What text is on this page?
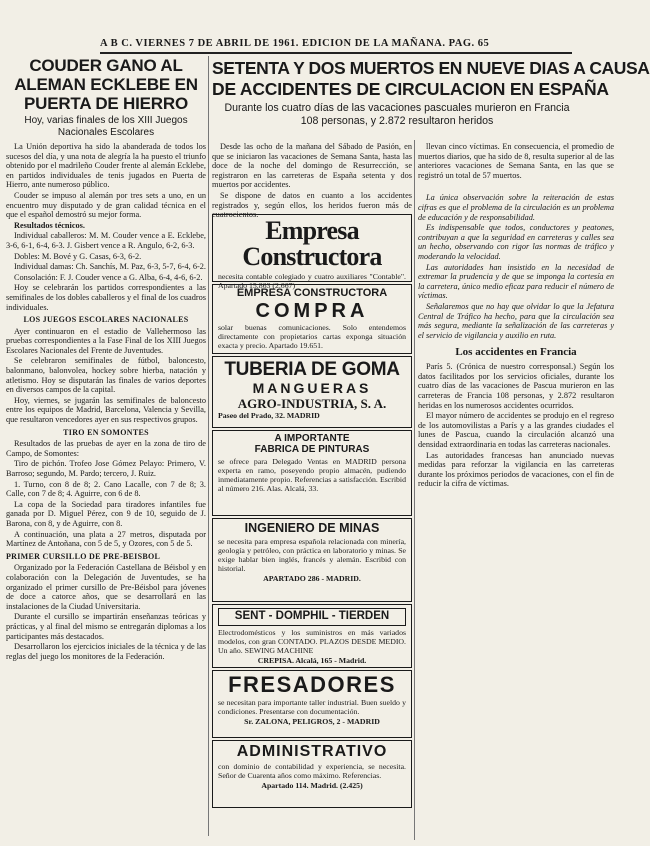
A B C. VIERNES 7 DE ABRIL DE 1961. EDICION DE LA MAÑANA. PAG. 65
COUDER GANO AL ALEMAN ECKLEBE EN PUERTA DE HIERRO
Hoy, varias finales de los XIII Juegos Nacionales Escolares

La Unión deportiva ha sido la abanderada de todos los sucesos del día, y una nota de alegría la ha puesto el triunfo obtenido por el madrileño Couder frente al alemán Ecklebe, en partidos individuales de tenis jugados en Puerta de Hierro, ante numeroso público.

Couder se impuso al alemán por tres sets a uno, en un encuentro muy disputado y de gran calidad técnica en el que el español demostró su mejor forma.

Resultados técnicos.

Individual caballeros: M. M. Couder vence a E. Ecklebe, 3-6, 6-1, 6-4, 6-3. J. Gisbert vence a R. Angulo, 6-2, 6-3.

Dobles: M. Bové y G. Casas, 6-3, 6-2.

Individual damas: Ch. Sanchís, M. Paz, 6-3, 5-7, 6-4, 6-2.

Consolación: F. J. Couder vence a G. Alba, 6-4, 4-6, 6-2.

Hoy se celebrarán los partidos correspondientes a las semifinales de los dobles caballeros y el final de los cuadros individuales.

LOS JUEGOS ESCOLARES NACIONALES

Ayer continuaron en el estadio de Vallehermoso las pruebas correspondientes a la Fase Final de los XIII Juegos Escolares Nacionales del Frente de Juventudes.

Se celebraron semifinales de fútbol, baloncesto, balonmano, balonvolea, hockey sobre hierba, natación y atletismo. Hoy se disputarán las finales de varios deportes en diversos campos de la capital.

Hoy, viernes, se jugarán las semifinales de baloncesto entre los equipos de Madrid, Barcelona, Valencia y Sevilla, que resultaron vencedores ayer en sus respectivos grupos.

TIRO EN SOMONTES

Resultados de las pruebas de ayer en la zona de tiro de Campo, de Somontes:

Tiro de pichón. Trofeo Jose Gómez Pelayo: Primero, V. Barroso; segundo, M. Pardo; tercero, J. Ruiz.

1. Turno, con 8 de 8; 2. Cano Lacalle, con 7 de 8; 3. Calle, con 7 de 8; 4. Aguirre, con 6 de 8.

La copa de la Sociedad para tiradores infantiles fue ganada por D. Miguel Pérez, con 9 de 10, seguido de J. Barona, con 8, y de Aguirre, con 8.

A continuación, una plata a 27 metros, disputada por Martínez de Antoñana, con 5 de 5, y Ozores, con 5 de 5.

PRIMER CURSILLO DE PRE-BEISBOL

Organizado por la Federación Castellana de Béisbol y en colaboración con la Delegación de Juventudes, se ha organizado el primer cursillo de Pre-Béisbol para jóvenes de doce a catorce años, que se desarrollará en las instalaciones de la Ciudad Universitaria.

Durante el cursillo se impartirán enseñanzas teóricas y prácticas, y al final del mismo se entregarán diplomas a los participantes más destacados.

Desarrollaron los ejercicios iniciales de la técnica y de las reglas del juego los monitores de la Federación.

SETENTA Y DOS MUERTOS EN NUEVE DIAS A CAUSA
DE ACCIDENTES DE CIRCULACION EN ESPAÑA
Durante los cuatro días de las vacaciones pascuales murieron en Francia
108 personas, y 2.872 resultaron heridos

Desde las ocho de la mañana del Sábado de Pasión, en que se iniciaron las vacaciones de Semana Santa, hasta las doce de la noche del domingo de Resurrección, se registraron en las carreteras de España setenta y dos muertos por accidentes.

Se dispone de datos en cuanto a los accidentes registrados y, según ellos, los heridos fueron más de cuatrocientos.

Empresa Constructora
necesita contable colegiado y cuatro auxiliares "Contable". Apartado 15.863 (2.667)
EMPRESA CONSTRUCTORA
COMPRA
solar buenas comunicaciones. Solo entendemos directamente con propietarios cartas exponga situación exacta y precio. Apartado 19.651.
TUBERIA DE GOMA
MANGUERAS
AGRO-INDUSTRIA, S. A.
Paseo del Prado, 32. MADRID
A IMPORTANTE
FABRICA DE PINTURAS
se ofrece para Delegado Ventas en MADRID persona experta en ramo, poseyendo propio almacén, pudiendo inmediatamente propio. Referencias a satisfacción. Escribid al número 216. Alas. Alcalá, 33.
INGENIERO DE MINAS
se necesita para empresa española relacionada con minería, geología y petróleo, con práctica en laboratorio y minas. Se exige hablar bien inglés, francés y alemán. Escribid con historial.
APARTADO 286 - MADRID.
SENT - DOMPHIL - TIERDEN
Electrodomésticos y los suministros en más variados modelos, con gran CONTADO. PLAZOS DESDE MEDIO. Un año. SEWING MACHINE
CREPISA. Alcalá, 165 - Madrid.
FRESADORES
se necesitan para importante taller industrial. Buen sueldo y condiciones. Presentarse con documentación.
Sr. ZALONA, PELIGROS, 2 - MADRID
ADMINISTRATIVO
con dominio de contabilidad y experiencia, se necesita. Señor de Cuarenta años como máximo. Referencias.
Apartado 114. Madrid. (2.425)

llevan cinco víctimas. En consecuencia, el promedio de muertos diarios, que ha sido de 8, resulta superior al de las anteriores vacaciones de Semana Santa, en las que se registró un total de 57 muertos.

La única observación sobre la reiteración de estas cifras es que el problema de la circulación es un problema de educación y de responsabilidad.

Es indispensable que todos, conductores y peatones, contribuyan a que la seguridad en carreteras y calles sea un hecho, observando con rigor las normas de tráfico y moderando la velocidad.

Las autoridades han insistido en la necesidad de extremar la prudencia y de que se imponga la cortesía en la carretera, único medio eficaz para reducir el número de víctimas.

Señalaremos que no hay que olvidar lo que la Jefatura Central de Tráfico ha hecho, para que la circulación sea más segura, mediante la señalización de las carreteras y el servicio de vigilancia y auxilio en ruta.

Los accidentes en Francia

París 5. (Crónica de nuestro corresponsal.) Según los datos facilitados por los servicios oficiales, durante los cuatro días de las vacaciones de Pascua murieron en las carreteras de Francia 108 personas, y 2.872 resultaron heridas en los numerosos accidentes ocurridos.

El mayor número de accidentes se produjo en el regreso de los automovilistas a París y a las grandes ciudades el lunes de Pascua, cuando la circulación alcanzó una densidad extraordinaria en todas las carreteras nacionales.

Las autoridades francesas han anunciado nuevas medidas para reforzar la vigilancia en las carreteras durante los próximos periodos de vacaciones, con el fin de reducir la cifra de víctimas.
